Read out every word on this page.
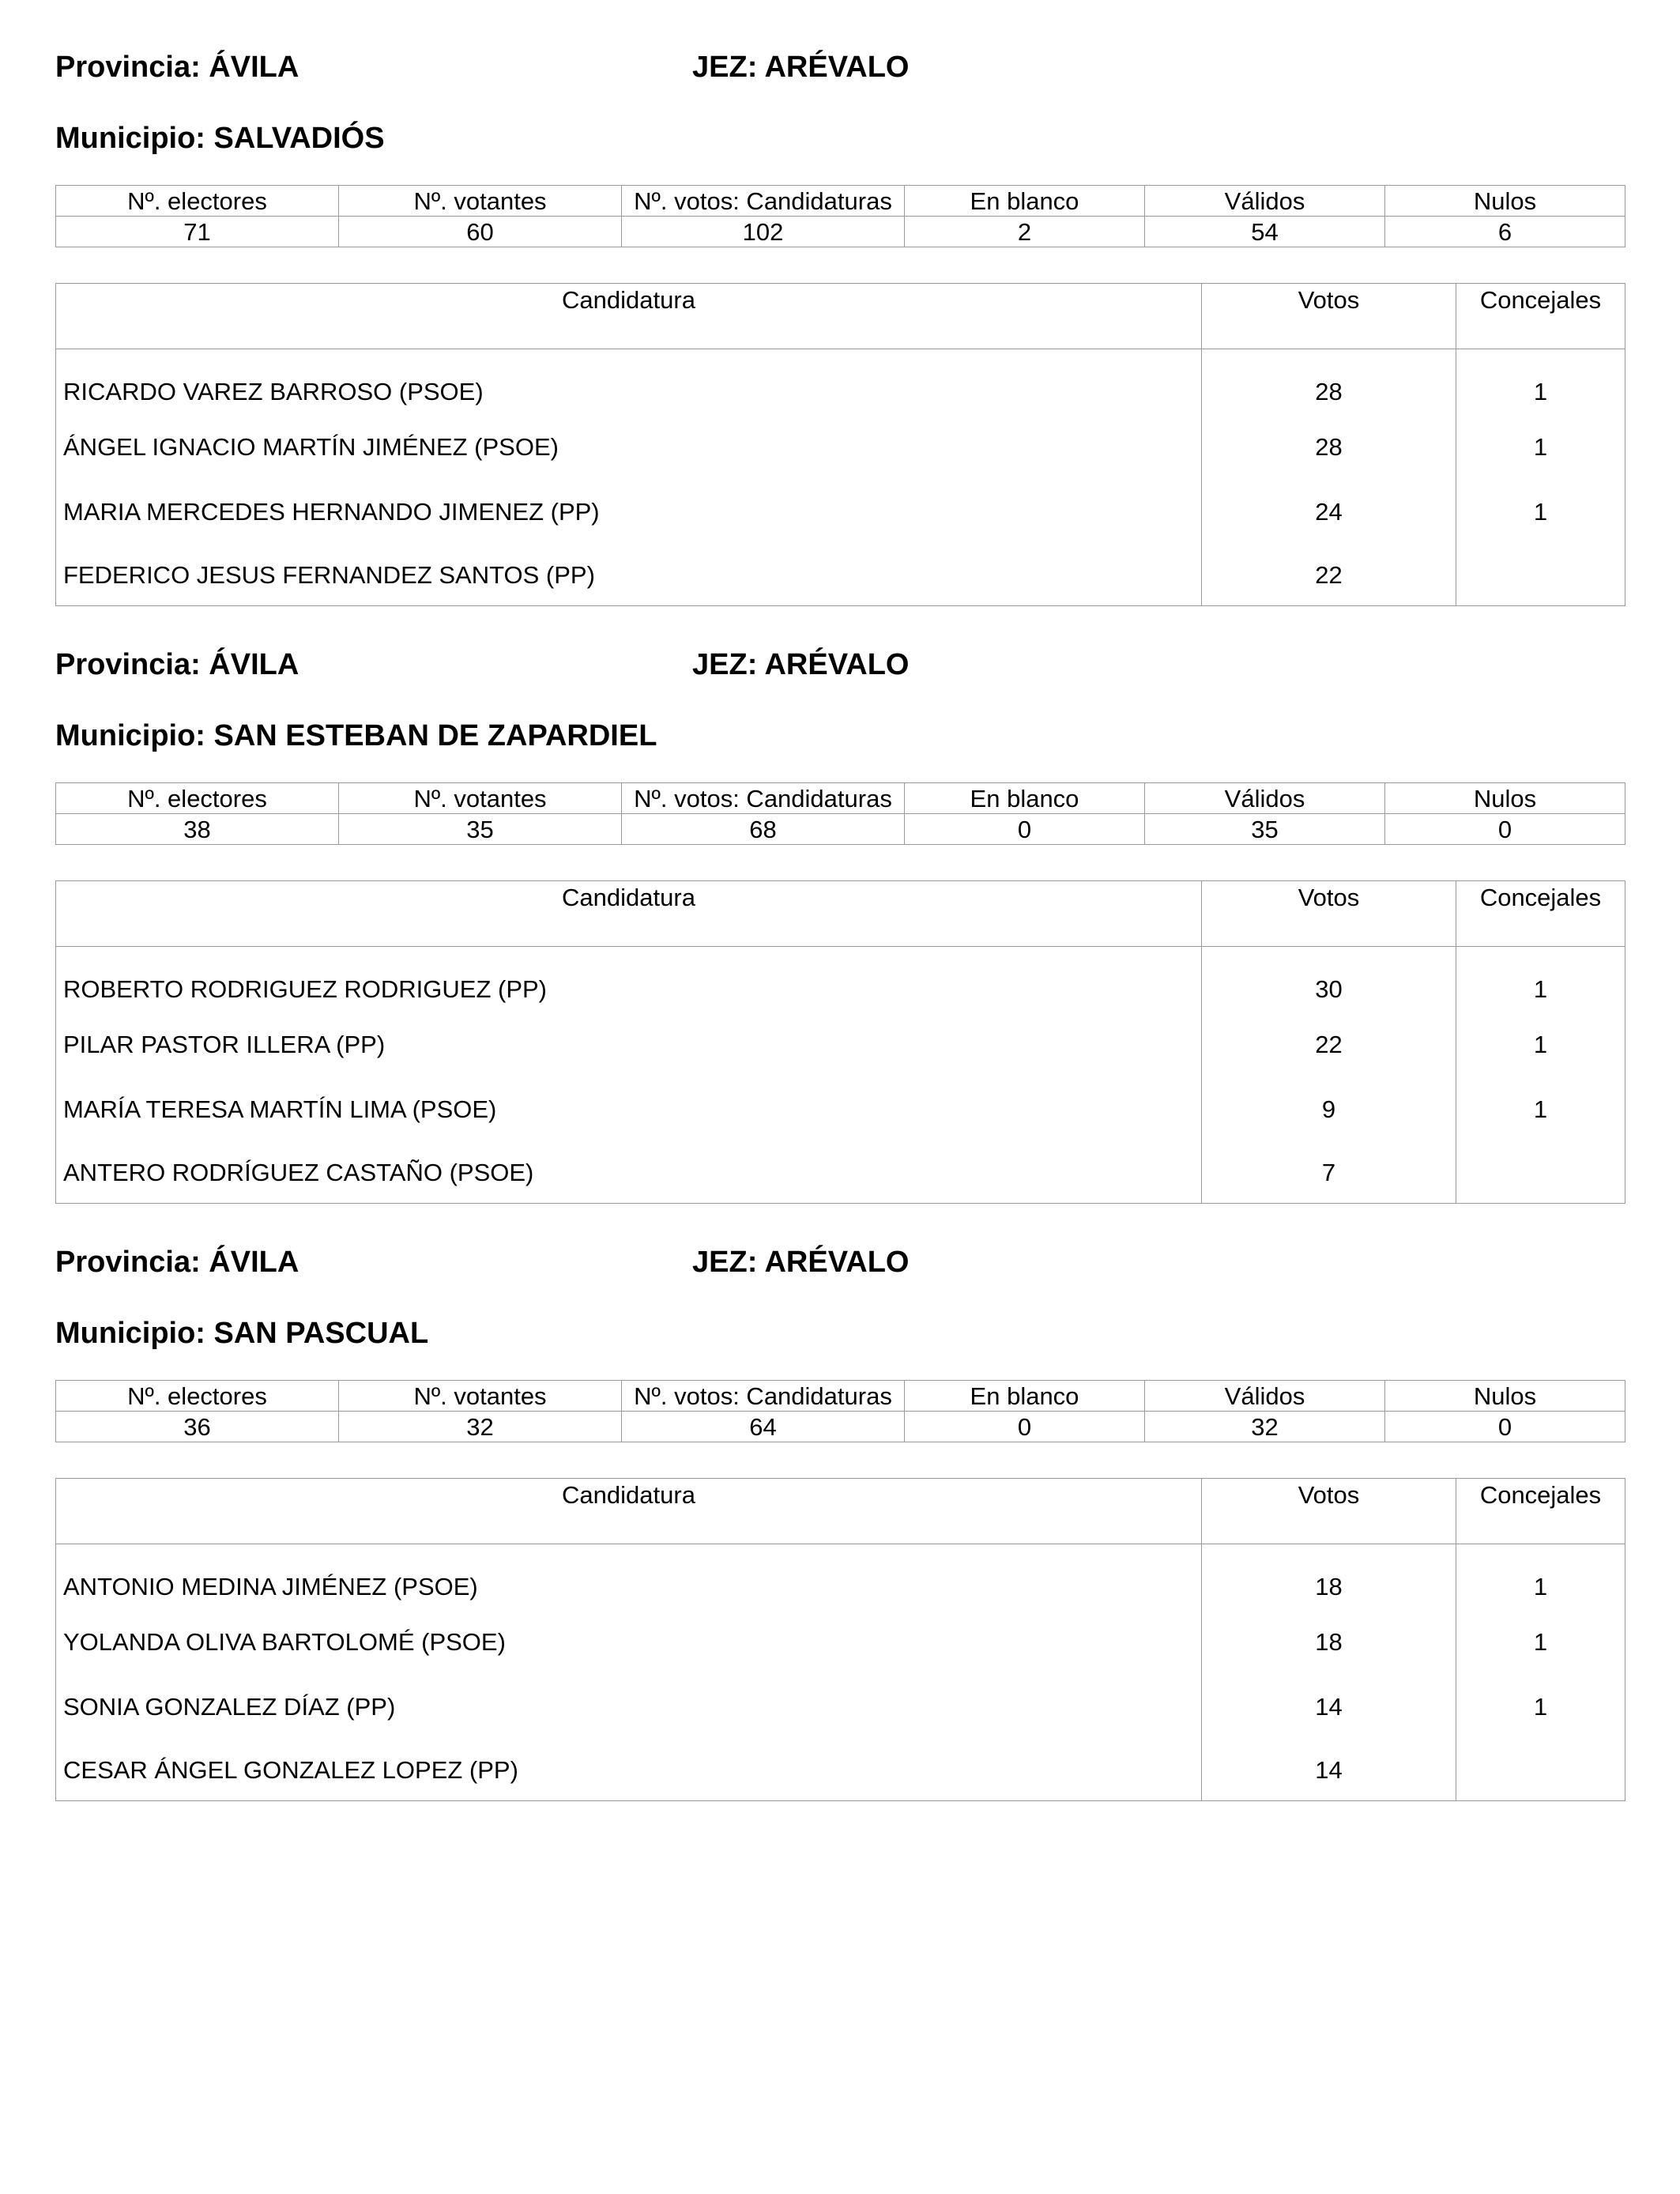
Provincia: ÁVILA	JEZ: ARÉVALO
Municipio: SALVADIÓS
Nº. electores	Nº. votantes	Nº. votos: Candidaturas	En blanco	Válidos	Nulos
71	60	102	2	54	6
Candidatura	Votos	Concejales
RICARDO VAREZ BARROSO (PSOE)	28	1
ÁNGEL IGNACIO MARTÍN JIMÉNEZ (PSOE)	28	1
MARIA MERCEDES HERNANDO JIMENEZ (PP)	24	1
FEDERICO JESUS FERNANDEZ SANTOS (PP)	22	
Provincia: ÁVILA	JEZ: ARÉVALO
Municipio: SAN ESTEBAN DE ZAPARDIEL
Nº. electores	Nº. votantes	Nº. votos: Candidaturas	En blanco	Válidos	Nulos
38	35	68	0	35	0
Candidatura	Votos	Concejales
ROBERTO RODRIGUEZ RODRIGUEZ (PP)	30	1
PILAR PASTOR ILLERA (PP)	22	1
MARÍA TERESA MARTÍN LIMA (PSOE)	9	1
ANTERO RODRÍGUEZ CASTAÑO (PSOE)	7	
Provincia: ÁVILA	JEZ: ARÉVALO
Municipio: SAN PASCUAL
Nº. electores	Nº. votantes	Nº. votos: Candidaturas	En blanco	Válidos	Nulos
36	32	64	0	32	0
Candidatura	Votos	Concejales
ANTONIO MEDINA JIMÉNEZ (PSOE)	18	1
YOLANDA OLIVA BARTOLOMÉ (PSOE)	18	1
SONIA GONZALEZ DÍAZ (PP)	14	1
CESAR ÁNGEL GONZALEZ LOPEZ (PP)	14	
